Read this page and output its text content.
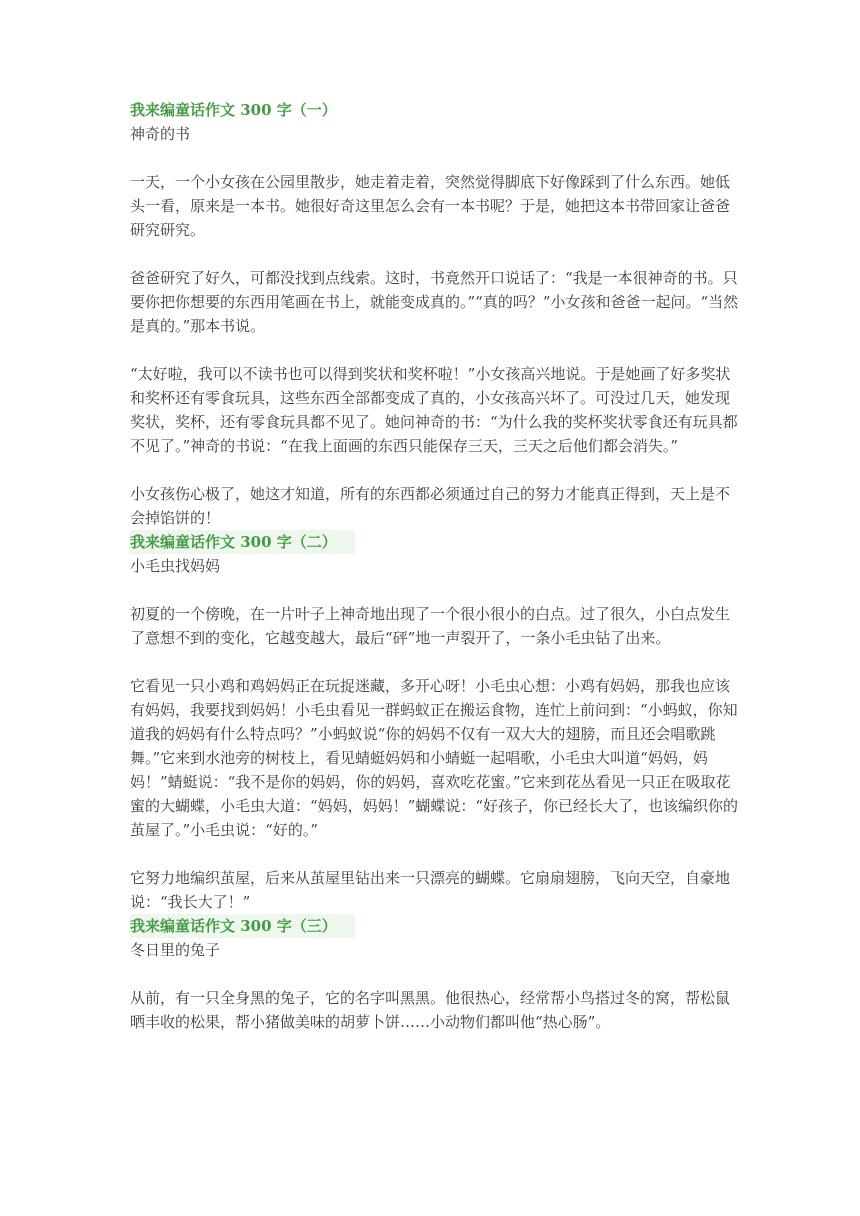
我来编童话作文 300 字（一）

神奇的书

一天，一个小女孩在公园里散步，她走着走着，突然觉得脚底下好像踩到了什么东西。她低头一看，原来是一本书。她很好奇这里怎么会有一本书呢？于是，她把这本书带回家让爸爸研究研究。

爸爸研究了好久，可都没找到点线索。这时，书竟然开口说话了：“我是一本很神奇的书。只要你把你想要的东西用笔画在书上，就能变成真的。”“真的吗？”小女孩和爸爸一起问。“当然是真的。”那本书说。

“太好啦，我可以不读书也可以得到奖状和奖杯啦！”小女孩高兴地说。于是她画了好多奖状和奖杯还有零食玩具，这些东西全部都变成了真的，小女孩高兴坏了。可没过几天，她发现奖状，奖杯，还有零食玩具都不见了。她问神奇的书：“为什么我的奖杯奖状零食还有玩具都不见了。”神奇的书说：“在我上面画的东西只能保存三天，三天之后他们都会消失。”

小女孩伤心极了，她这才知道，所有的东西都必须通过自己的努力才能真正得到，天上是不会掉馅饼的！

我来编童话作文 300 字（二）

小毛虫找妈妈

初夏的一个傍晚，在一片叶子上神奇地出现了一个很小很小的白点。过了很久，小白点发生了意想不到的变化，它越变越大，最后“砰”地一声裂开了，一条小毛虫钻了出来。

它看见一只小鸡和鸡妈妈正在玩捉迷藏，多开心呀！小毛虫心想：小鸡有妈妈，那我也应该有妈妈，我要找到妈妈！小毛虫看见一群蚂蚁正在搬运食物，连忙上前问到：“小蚂蚁，你知道我的妈妈有什么特点吗？”小蚂蚁说“你的妈妈不仅有一双大大的翅膀，而且还会唱歌跳舞。”它来到水池旁的树枝上，看见蜻蜓妈妈和小蜻蜓一起唱歌，小毛虫大叫道“妈妈，妈妈！”蜻蜓说：“我不是你的妈妈，你的妈妈，喜欢吃花蜜。”它来到花丛看见一只正在吸取花蜜的大蝴蝶，小毛虫大道：“妈妈，妈妈！”蝴蝶说：“好孩子，你已经长大了，也该编织你的茧屋了。”小毛虫说：“好的。”

它努力地编织茧屋，后来从茧屋里钻出来一只漂亮的蝴蝶。它扇扇翅膀，飞向天空，自豪地说：“我长大了！”

我来编童话作文 300 字（三）

冬日里的兔子

从前，有一只全身黑的兔子，它的名字叫黑黑。他很热心，经常帮小鸟搭过冬的窝，帮松鼠晒丰收的松果，帮小猪做美味的胡萝卜饼……小动物们都叫他“热心肠”。
